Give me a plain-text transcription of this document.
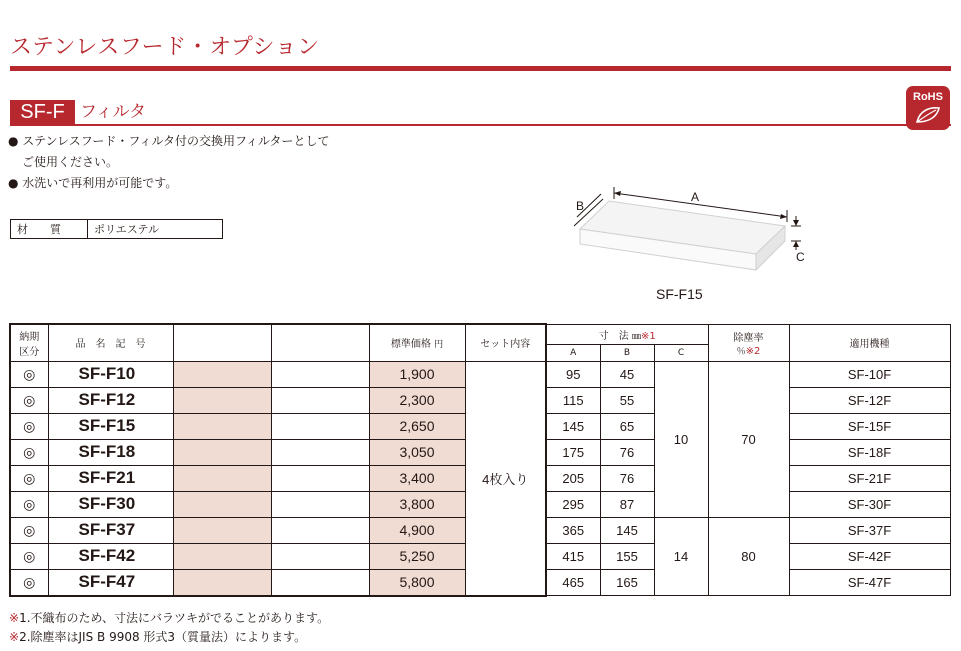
ステンレスフード・オプション
SF-F フィルタ
RoHS
● ステンレスフード・フィルタ付の交換用フィルターとして
ご使用ください。
● 水洗いで再利用が可能です。
材　　質	ポリエステル
A
B
C
SF-F15
納期
区分	品　名　記　号			標準価格 円	セット内容	寸　法 ㎜※1			除塵率
％※2	適用機種
						A	B	C		
◎	SF-F10			1,900	4枚入り	95	45	10	70	SF-10F
◎	SF-F12			2,300		115	55			SF-12F
◎	SF-F15			2,650		145	65			SF-15F
◎	SF-F18			3,050		175	76			SF-18F
◎	SF-F21			3,400		205	76			SF-21F
◎	SF-F30			3,800		295	87			SF-30F
◎	SF-F37			4,900		365	145	14	80	SF-37F
◎	SF-F42			5,250		415	155			SF-42F
◎	SF-F47			5,800		465	165			SF-47F
※1.不織布のため、寸法にバラツキがでることがあります。
※2.除塵率はJIS B 9908 形式3（質量法）によります。
